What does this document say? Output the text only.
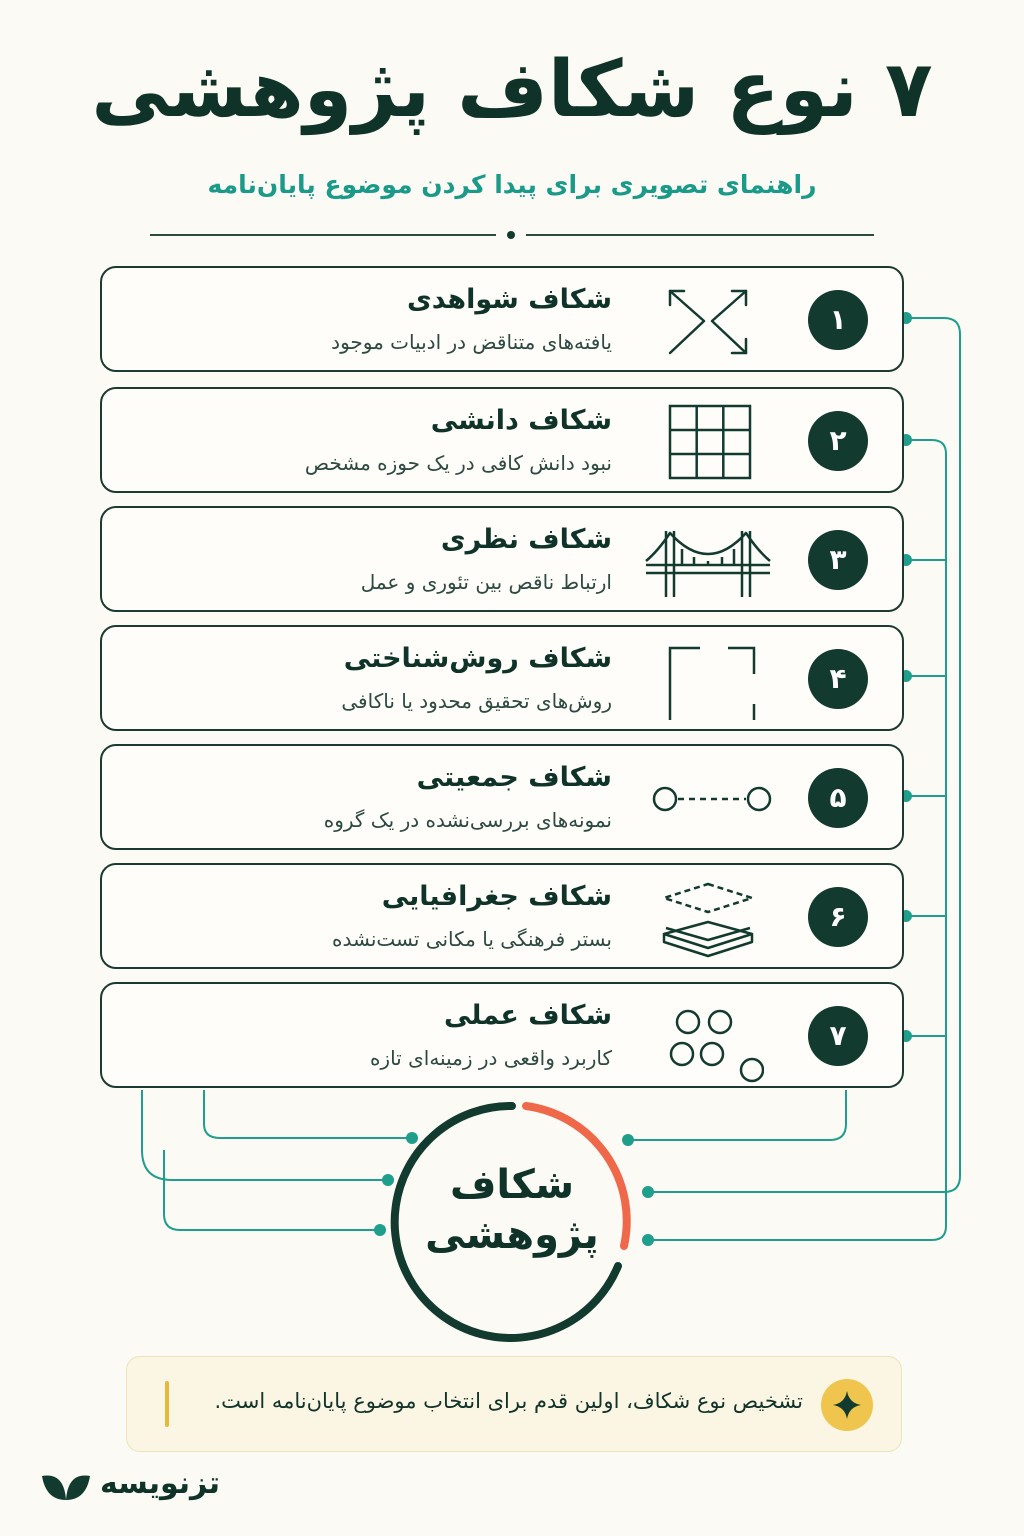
۷ نوع شکاف پژوهشی
راهنمای تصویری برای پیدا کردن موضوع پایان‌نامه
۱
شکاف شواهدی
یافته‌های متناقض در ادبیات موجود
۲
شکاف دانشی
نبود دانش کافی در یک حوزه مشخص
۳
شکاف نظری
ارتباط ناقص بین تئوری و عمل
۴
شکاف روش‌شناختی
روش‌های تحقیق محدود یا ناکافی
۵
شکاف جمعیتی
نمونه‌های بررسی‌نشده در یک گروه
۶
شکاف جغرافیایی
بستر فرهنگی یا مکانی تست‌نشده
۷
شکاف عملی
کاربرد واقعی در زمینه‌ای تازه
شکاف
پژوهشی
تشخیص نوع شکاف، اولین قدم برای انتخاب موضوع پایان‌نامه است.
تزنویسه
